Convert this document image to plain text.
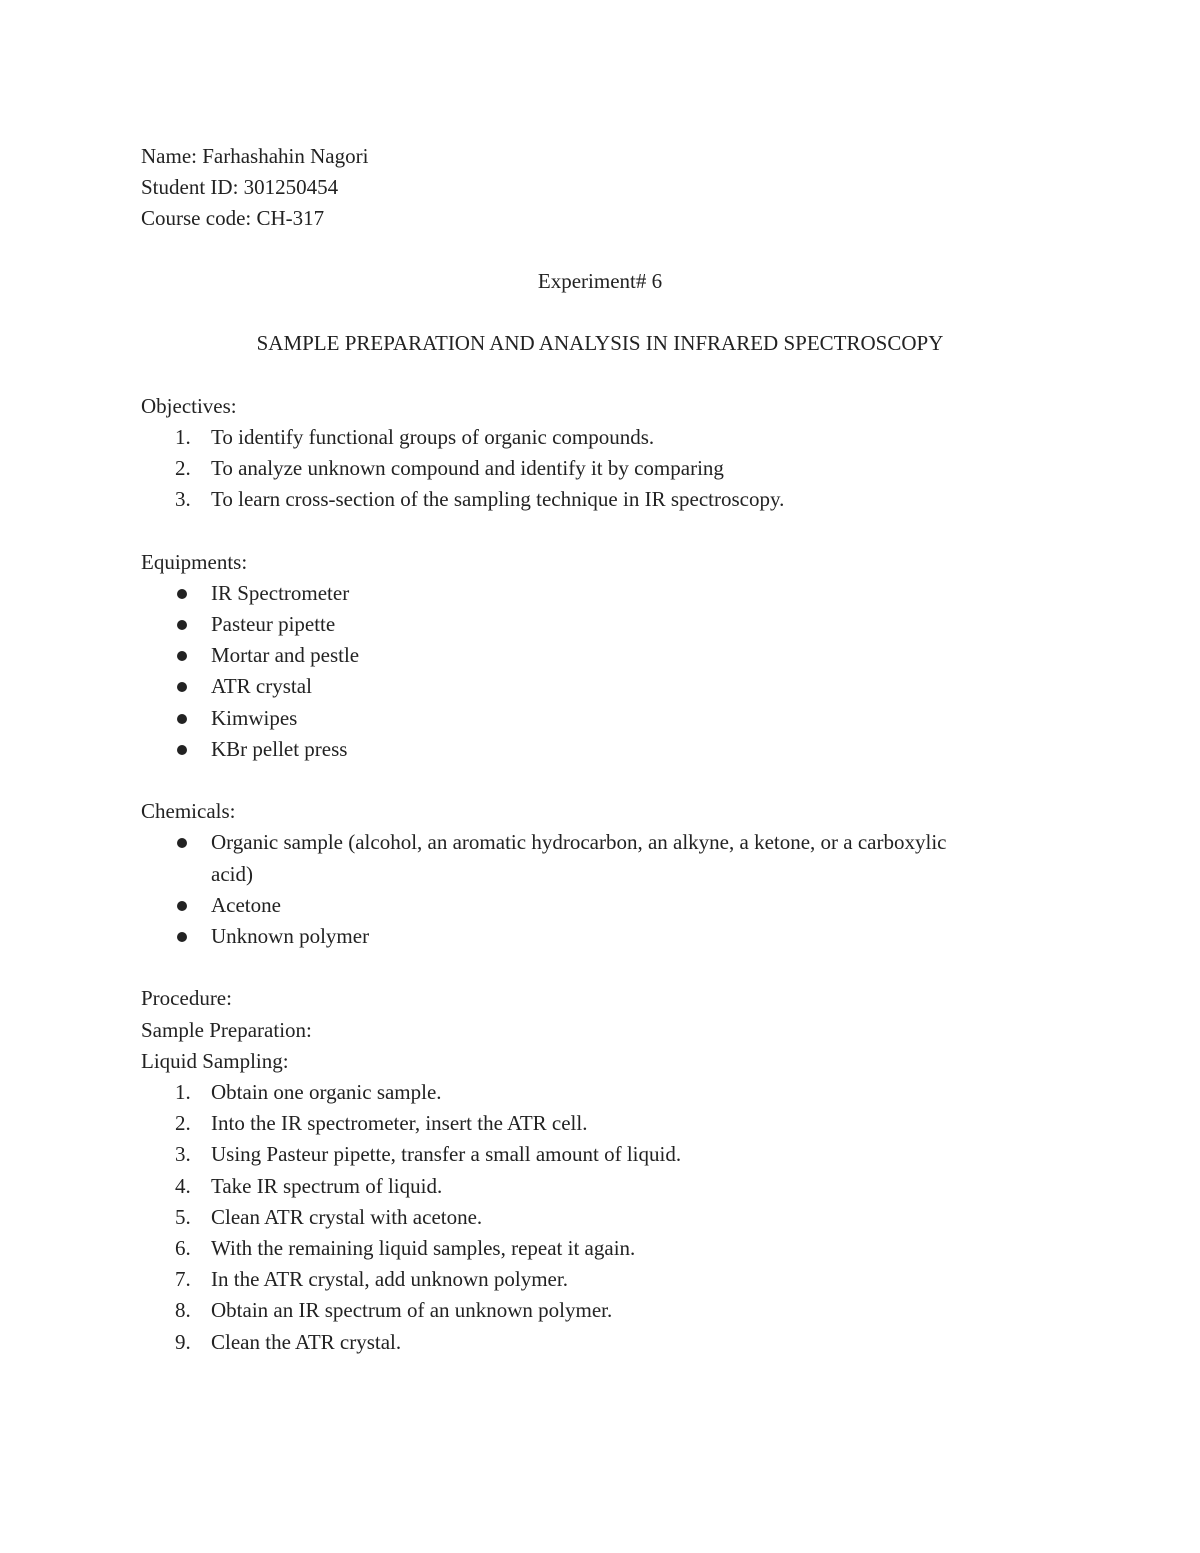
Name: Farhashahin Nagori

Student ID: 301250454

Course code: CH-317

Experiment# 6

SAMPLE PREPARATION AND ANALYSIS IN INFRARED SPECTROSCOPY

Objectives:

1. To identify functional groups of organic compounds.
2. To analyze unknown compound and identify it by comparing
3. To learn cross-section of the sampling technique in IR spectroscopy.

Equipments:

IR Spectrometer
Pasteur pipette
Mortar and pestle
ATR crystal
Kimwipes
KBr pellet press

Chemicals:

Organic sample (alcohol, an aromatic hydrocarbon, an alkyne, a ketone, or a carboxylic
acid)
Acetone
Unknown polymer

Procedure:

Sample Preparation:

Liquid Sampling:

1. Obtain one organic sample.
2. Into the IR spectrometer, insert the ATR cell.
3. Using Pasteur pipette, transfer a small amount of liquid.
4. Take IR spectrum of liquid.
5. Clean ATR crystal with acetone.
6. With the remaining liquid samples, repeat it again.
7. In the ATR crystal, add unknown polymer.
8. Obtain an IR spectrum of an unknown polymer.
9. Clean the ATR crystal.
